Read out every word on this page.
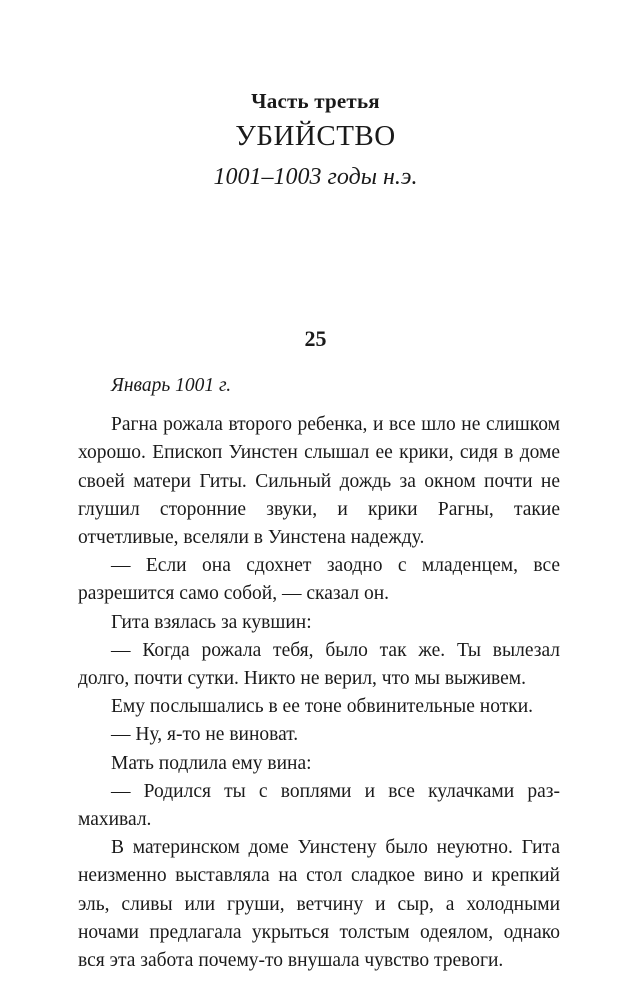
Часть третья
УБИЙСТВО
1001–1003 годы н.э.
25
Январь 1001 г.

Рагна рожала второго ребенка, и все шло не слишком хорошо. Епископ Уинстен слышал ее крики, сидя в доме своей матери Гиты. Сильный дождь за окном почти не глушил сторонние звуки, и крики Рагны, такие отчетливые, вселяли в Уинстена надежду.

— Если она сдохнет заодно с младенцем, все разрешится само собой, — сказал он.

Гита взялась за кувшин:

— Когда рожала тебя, было так же. Ты вылезал долго, почти сутки. Никто не верил, что мы выживем.

Ему послышались в ее тоне обвинительные нотки.

— Ну, я-то не виноват.

Мать подлила ему вина:

— Родился ты с воплями и все кулачками размахивал.

В материнском доме Уинстену было неуютно. Гита неизменно выставляла на стол сладкое вино и крепкий эль, сливы или груши, ветчину и сыр, а холодными ночами предлагала укрыться толстым одеялом, однако вся эта забота почему-то внушала чувство тревоги.
